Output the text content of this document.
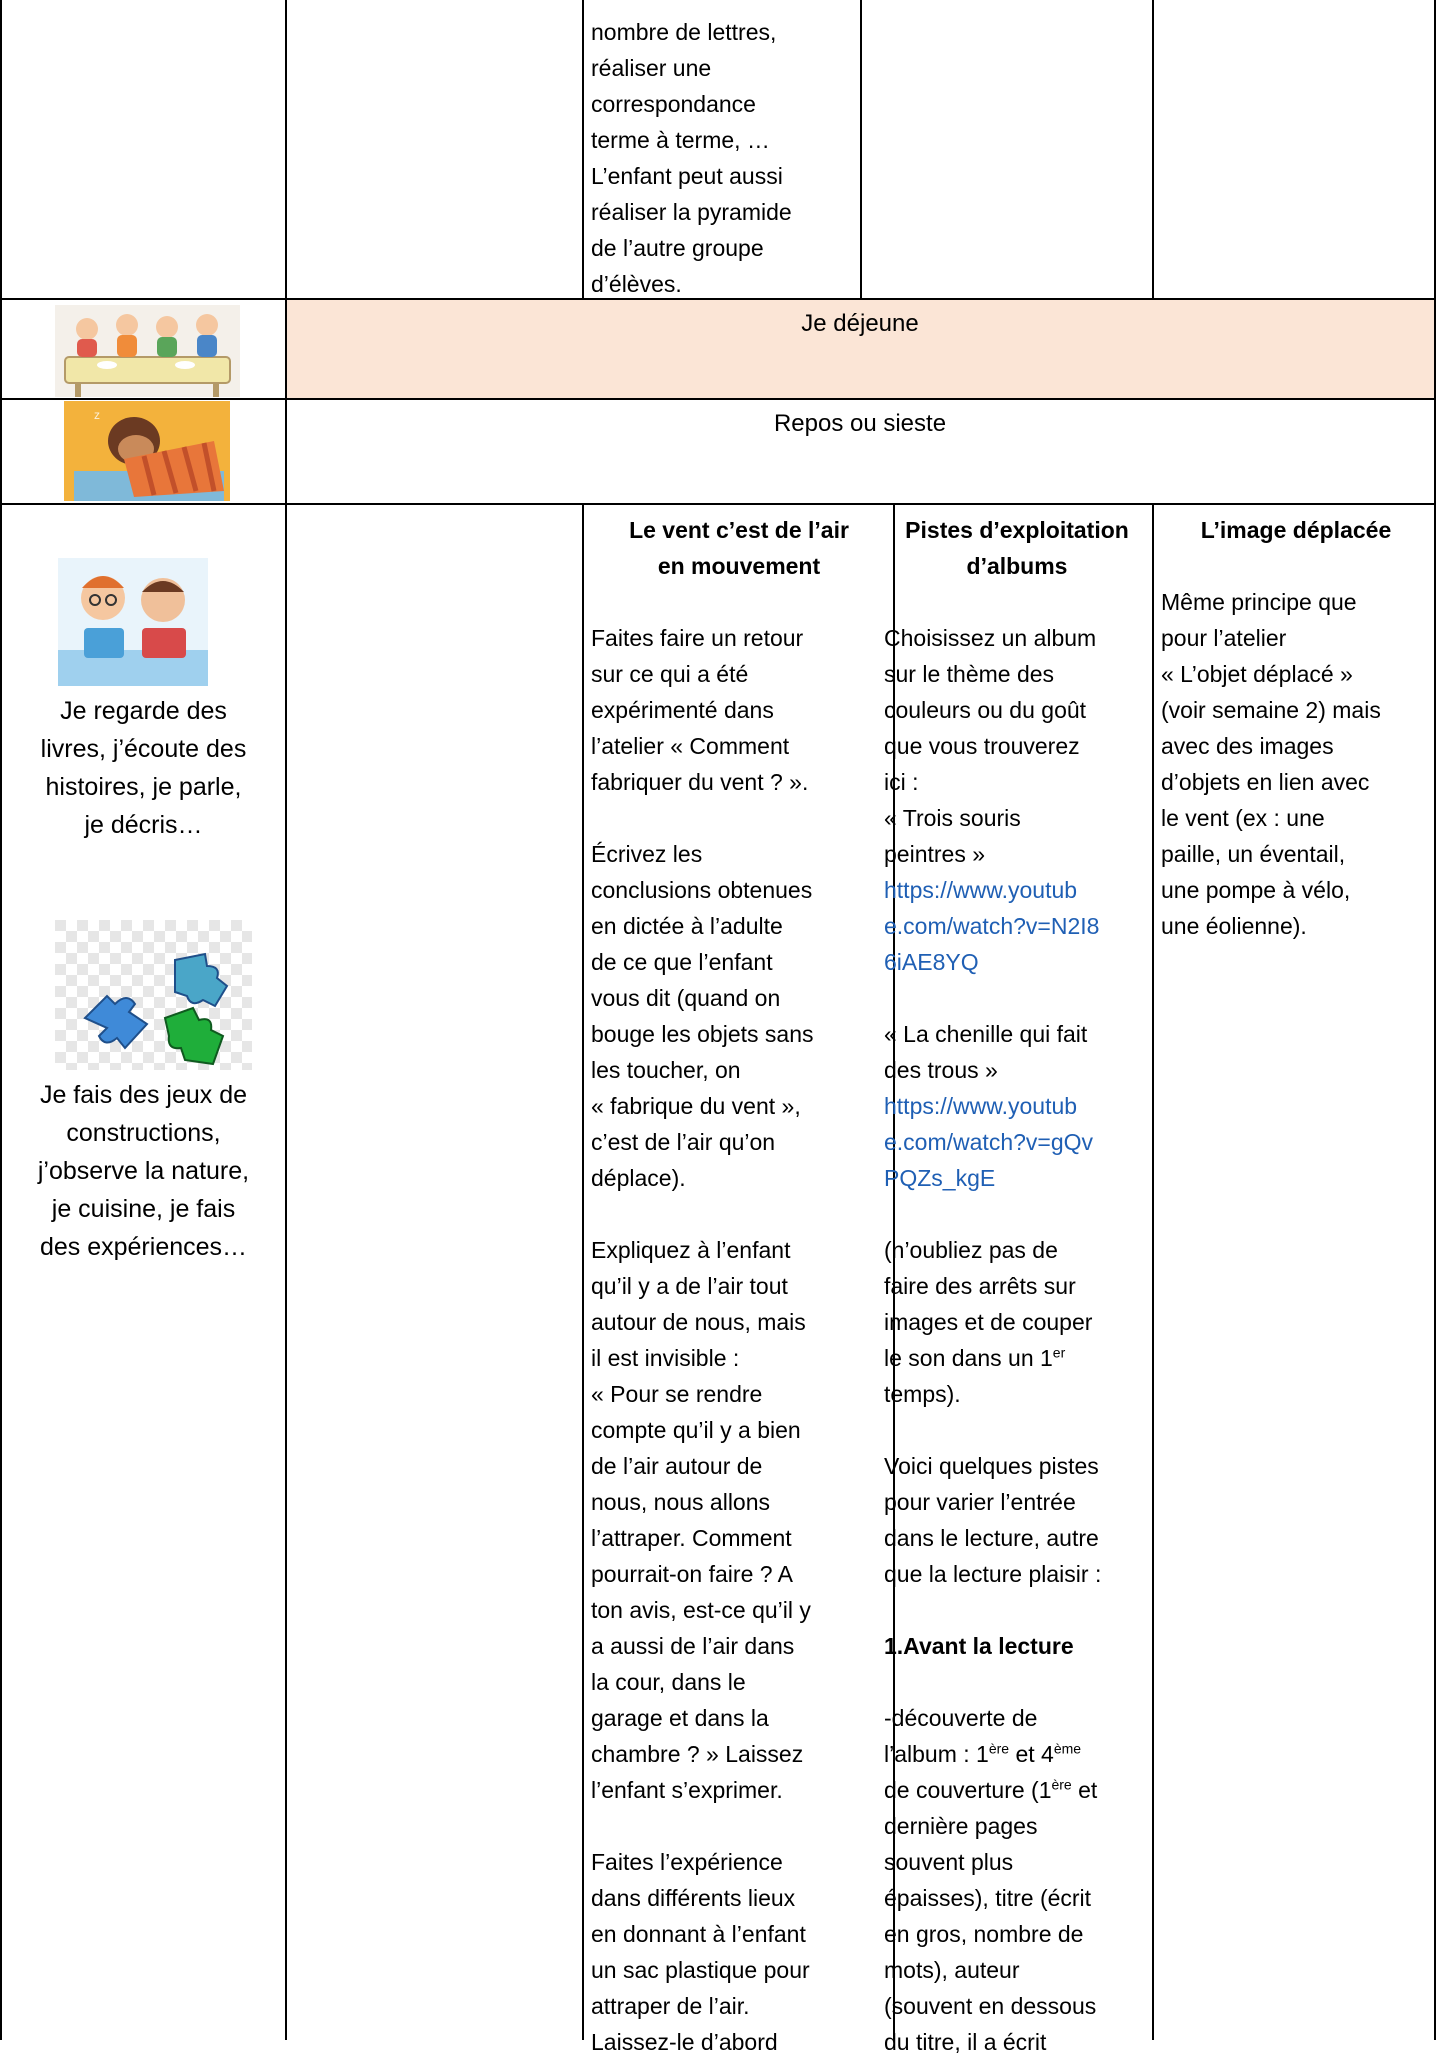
nombre de lettres,
réaliser une
correspondance
terme à terme, …
L’enfant peut aussi
réaliser la pyramide
de l’autre groupe
d’élèves.
Je déjeune
z	Repos ou sieste
Je regarde des
livres, j’écoute des
histoires, je parle,
je décris…
Je fais des jeux de
constructions,
j’observe la nature,
je cuisine, je fais
des expériences…
Le vent c’est de l’air
en mouvement
Faites faire un retour
sur ce qui a été
expérimenté dans
l’atelier « Comment
fabriquer du vent ? ».
Écrivez les
conclusions obtenues
en dictée à l’adulte
de ce que l’enfant
vous dit (quand on
bouge les objets sans
les toucher, on
« fabrique du vent »,
c’est de l’air qu’on
déplace).
Expliquez à l’enfant
qu’il y a de l’air tout
autour de nous, mais
il est invisible :
« Pour se rendre
compte qu’il y a bien
de l’air autour de
nous, nous allons
l’attraper. Comment
pourrait-on faire ? A
ton avis, est-ce qu’il y
a aussi de l’air dans
la cour, dans le
garage et dans la
chambre ? » Laissez
l’enfant s’exprimer.
Faites l’expérience
dans différents lieux
en donnant à l’enfant
un sac plastique pour
attraper de l’air.
Laissez-le d’abord
Pistes d’exploitation
d’albums
Choisissez un album
sur le thème des
couleurs ou du goût
que vous trouverez
ici :
« Trois souris
peintres »
https://www.youtub
e.com/watch?v=N2I8
6iAE8YQ
« La chenille qui fait
des trous »
https://www.youtub
e.com/watch?v=gQv
PQZs_kgE
(n’oubliez pas de
faire des arrêts sur
images et de couper
le son dans un 1er
temps).
Voici quelques pistes
pour varier l’entrée
dans le lecture, autre
que la lecture plaisir :
1.Avant la lecture
-découverte de
l’album : 1ère et 4ème
de couverture (1ère et
dernière pages
souvent plus
épaisses), titre (écrit
en gros, nombre de
mots), auteur
(souvent en dessous
du titre, il a écrit
L’image déplacée
Même principe que
pour l’atelier
« L’objet déplacé »
(voir semaine 2) mais
avec des images
d’objets en lien avec
le vent (ex : une
paille, un éventail,
une pompe à vélo,
une éolienne).
